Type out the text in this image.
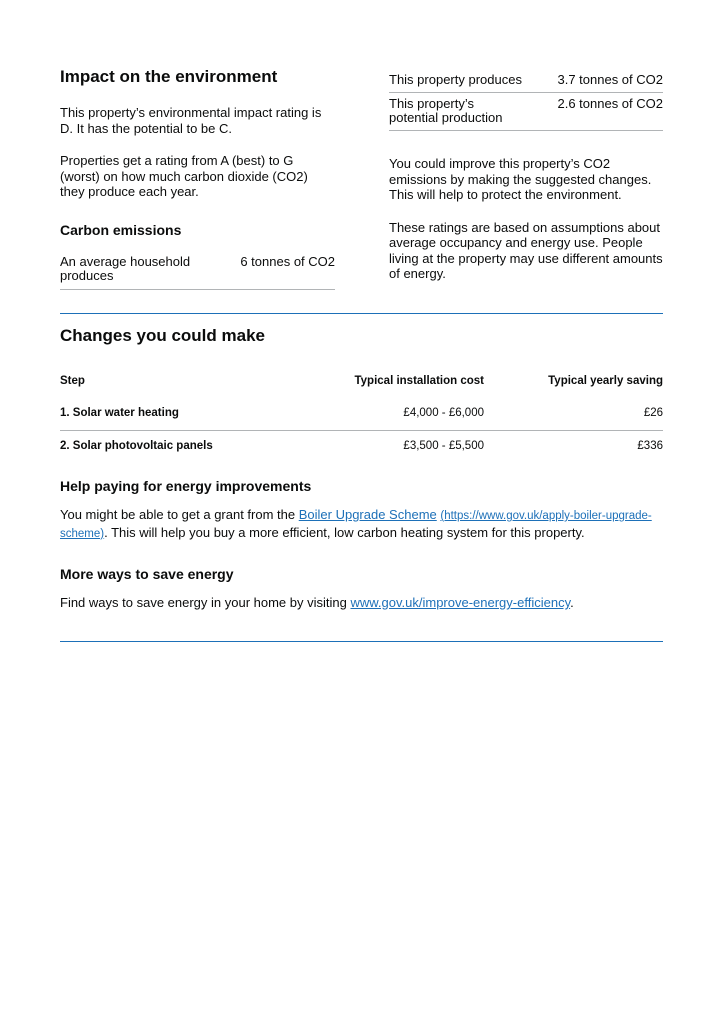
Impact on the environment

This property’s environmental impact rating is D. It has the potential to be C.

Properties get a rating from A (best) to G (worst) on how much carbon dioxide (CO2) they produce each year.

Carbon emissions
An average household produces
6 tonnes of CO2
This property produces	3.7 tonnes of CO2
This property’s potential production
2.6 tonnes of CO2

You could improve this property’s CO2 emissions by making the suggested changes. This will help to protect the environment.

These ratings are based on assumptions about average occupancy and energy use. People living at the property may use different amounts of energy.

Changes you could make
Step	Typical installation cost	Typical yearly saving
1. Solar water heating	£4,000 - £6,000	£26
2. Solar photovoltaic panels	£3,500 - £5,500	£336
Help paying for energy improvements

You might be able to get a grant from the Boiler Upgrade Scheme (https://www.gov.uk/apply-boiler-upgrade-scheme). This will help you buy a more efficient, low carbon heating system for this property.

More ways to save energy

Find ways to save energy in your home by visiting www.gov.uk/improve-energy-efficiency.
